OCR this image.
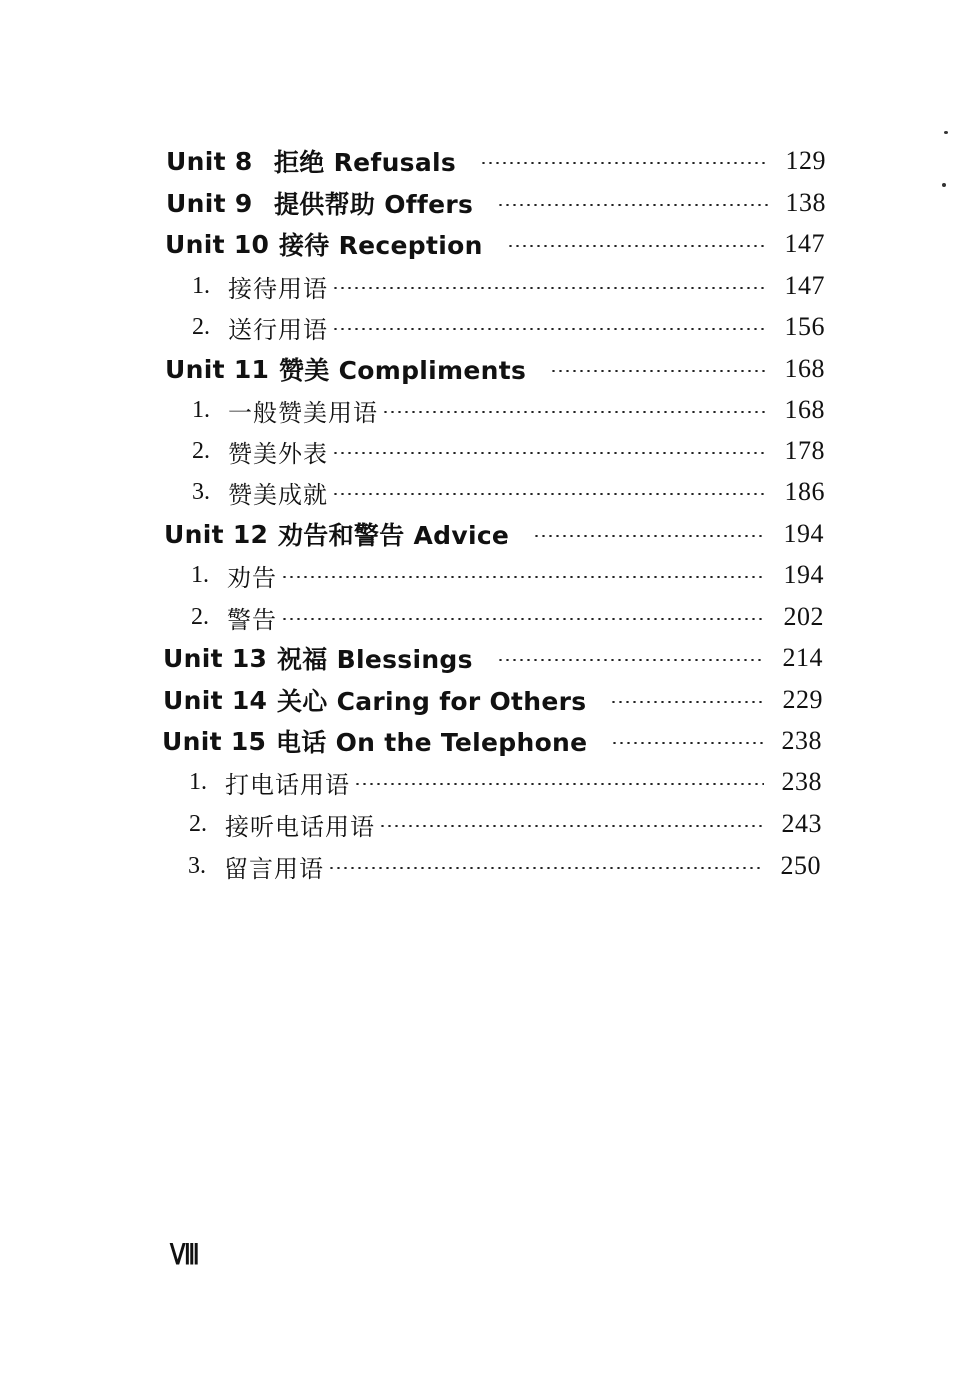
Unit 8 拒绝 Refusals	129
Unit 9 提供帮助 Offers	138
Unit 10 接待 Reception	147
1. 接待用语	147
2. 送行用语	156
Unit 11 赞美 Compliments	168
1. 一般赞美用语	168
2. 赞美外表	178
3. 赞美成就	186
Unit 12 劝告和警告 Advice	194
1. 劝告	194
2. 警告	202
Unit 13 祝福 Blessings	214
Unit 14 关心 Caring for Others	229
Unit 15 电话 On the Telephone	238
1. 打电话用语	238
2. 接听电话用语	243
3. 留言用语	250
Ⅷ
